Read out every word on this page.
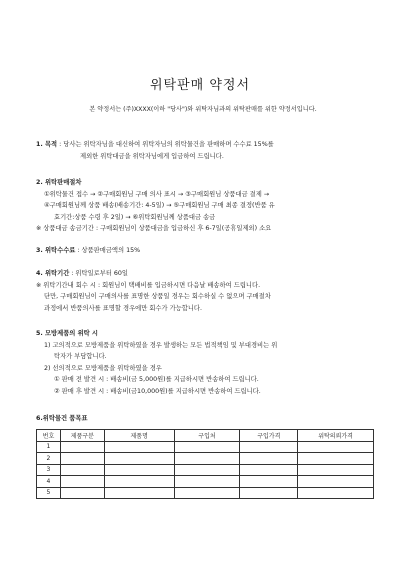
위탁판매 약정서
본 약정서는 (주)XXXX(이하 "당사")와 위탁자님과의 위탁판매를 위한 약정서입니다.
1. 목적 : 당사는 위탁자님을 대신하여 위탁자님의 위탁물건을 판매하며 수수료 15%를
제외한 위탁대금을 위탁자님에게 입금하여 드립니다.
2. 위탁판매절차
①위탁물건 접수 → ②구매회원님 구매 의사 표시 → ③구매회원님 상품대금 결제 →
④구매회원님께 상품 배송(배송기간: 4-5일) → ⑤구매회원님 구매 최종 결정(반품 유
효기간:상품 수령 후 2일) → ⑥위탁회원님께 상품대금 송금
※ 상품대금 송금기간 : 구매회원님이 상품대금을 입금하신 후 6-7일(공휴일제외) 소요
3. 위탁수수료 : 상품판매금액의 15%
4. 위탁기간 : 위탁일로부터 60일
※ 위탁기간내 회수 시 : 회원님이 택배비를 입금하시면 다음날 배송하여 드립니다.
단만, 구매회원님이 구매의사를 표명한 상품일 경우는 회수하실 수 없으며 구매절차
과정에서 반품의사를 표명할 경우에만 회수가 가능합니다.
5. 모방제품의 위탁 시
1) 고의적으로 모방제품을 위탁하였을 경우 발생하는 모든 법적책임 및 부대경비는 위
탁자가 부담합니다.
2) 선의적으로 모방제품을 위탁하였을 경우
① 판매 전 발견 시 : 배송비(금 5,000원)를 지급하시면 반송하여 드립니다.
② 판매 후 발견 시 : 배송비(금10,000원)를 지급하시면 반송하여 드립니다.
6.위탁물건 품목표
번호	제품구분	제품명	구입처	구입가격	위탁의뢰가격
1					
2					
3					
4					
5					
